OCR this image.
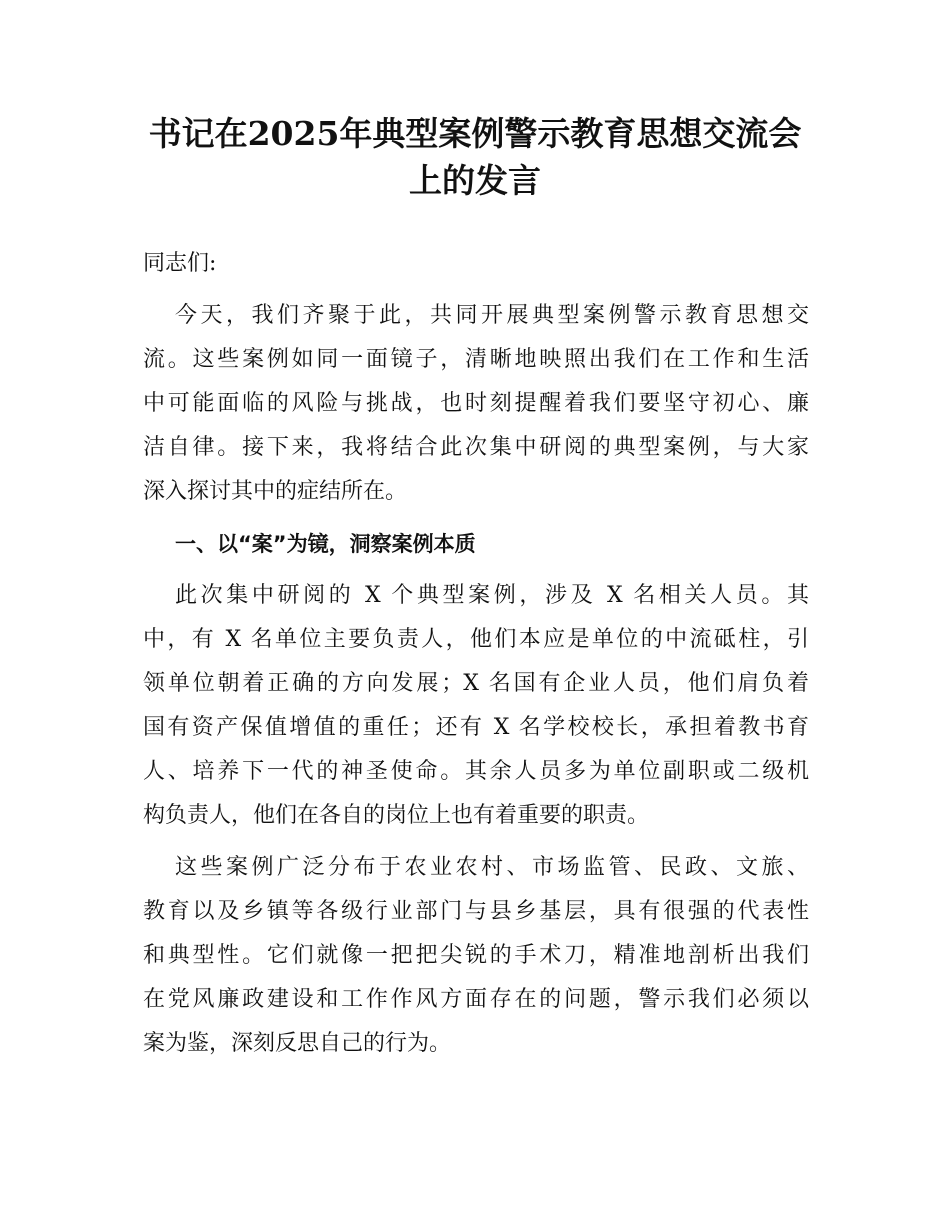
书记在2025年典型案例警示教育思想交流会
上的发言
同志们:
今天，我们齐聚于此，共同开展典型案例警示教育思想交
流。这些案例如同一面镜子，清晰地映照出我们在工作和生活
中可能面临的风险与挑战，也时刻提醒着我们要坚守初心、廉
洁自律。接下来，我将结合此次集中研阅的典型案例，与大家
深入探讨其中的症结所在。
一、以“案”为镜，洞察案例本质
此次集中研阅的 X 个典型案例，涉及 X 名相关人员。其
中，有 X 名单位主要负责人，他们本应是单位的中流砥柱，引
领单位朝着正确的方向发展；X 名国有企业人员，他们肩负着
国有资产保值增值的重任；还有 X 名学校校长，承担着教书育
人、培养下一代的神圣使命。其余人员多为单位副职或二级机
构负责人，他们在各自的岗位上也有着重要的职责。
这些案例广泛分布于农业农村、市场监管、民政、文旅、
教育以及乡镇等各级行业部门与县乡基层，具有很强的代表性
和典型性。它们就像一把把尖锐的手术刀，精准地剖析出我们
在党风廉政建设和工作作风方面存在的问题，警示我们必须以
案为鉴，深刻反思自己的行为。
